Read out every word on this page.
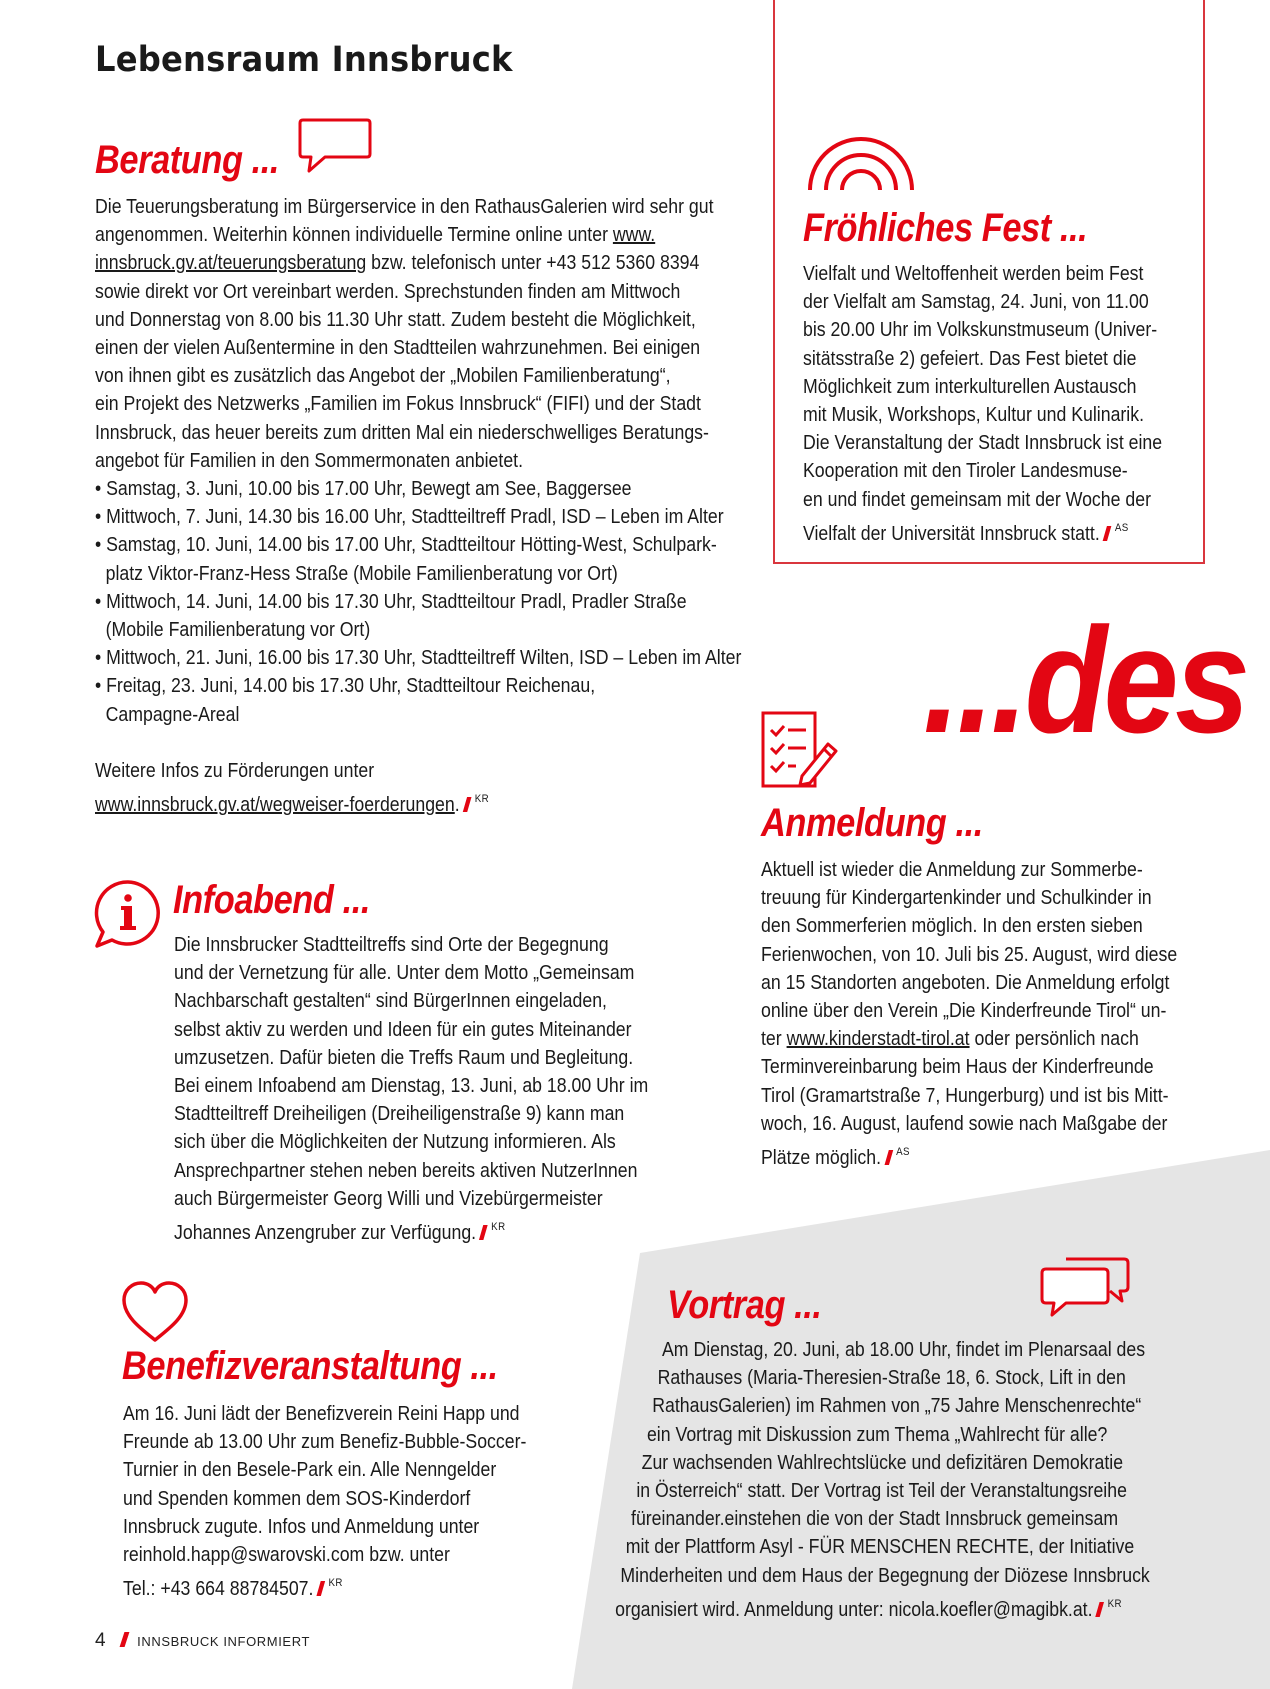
Lebensraum Innsbruck
Beratung ...

Die Teuerungsberatung im Bürgerservice in den RathausGalerien wird sehr gut

angenommen. Weiterhin können individuelle Termine online unter www.

innsbruck.gv.at/teuerungsberatung bzw. telefonisch unter +43 512 5360 8394

sowie direkt vor Ort vereinbart werden. Sprechstunden finden am Mittwoch

und Donnerstag von 8.00 bis 11.30 Uhr statt. Zudem besteht die Möglichkeit,

einen der vielen Außentermine in den Stadtteilen wahrzunehmen. Bei einigen

von ihnen gibt es zusätzlich das Angebot der „Mobilen Familienberatung“,

ein Projekt des Netzwerks „Familien im Fokus Innsbruck“ (FIFI) und der Stadt

Innsbruck, das heuer bereits zum dritten Mal ein niederschwelliges Beratungs-

angebot für Familien in den Sommermonaten anbietet.

• Samstag, 3. Juni, 10.00 bis 17.00 Uhr, Bewegt am See, Baggersee

• Mittwoch, 7. Juni, 14.30 bis 16.00 Uhr, Stadtteiltreff Pradl, ISD – Leben im Alter

• Samstag, 10. Juni, 14.00 bis 17.00 Uhr, Stadtteiltour Hötting-West, Schulpark-

platz Viktor-Franz-Hess Straße (Mobile Familienberatung vor Ort)

• Mittwoch, 14. Juni, 14.00 bis 17.30 Uhr, Stadtteiltour Pradl, Pradler Straße

(Mobile Familienberatung vor Ort)

• Mittwoch, 21. Juni, 16.00 bis 17.30 Uhr, Stadtteiltreff Wilten, ISD – Leben im Alter

• Freitag, 23. Juni, 14.00 bis 17.30 Uhr, Stadtteiltour Reichenau,

Campagne-Areal

Weitere Infos zu Förderungen unter

www.innsbruck.gv.at/wegweiser-foerderungen. $^{KR}$

Fröhliches Fest ...

Vielfalt und Weltoffenheit werden beim Fest

der Vielfalt am Samstag, 24. Juni, von 11.00

bis 20.00 Uhr im Volkskunstmuseum (Univer-

sitätsstraße 2) gefeiert. Das Fest bietet die

Möglichkeit zum interkulturellen Austausch

mit Musik, Workshops, Kultur und Kulinarik.

Die Veranstaltung der Stadt Innsbruck ist eine

Kooperation mit den Tiroler Landesmuse-

en und findet gemeinsam mit der Woche der

Vielfalt der Universität Innsbruck statt. $^{AS}$

...des
Anmeldung ...

Aktuell ist wieder die Anmeldung zur Sommerbe-

treuung für Kindergartenkinder und Schulkinder in

den Sommerferien möglich. In den ersten sieben

Ferienwochen, von 10. Juli bis 25. August, wird diese

an 15 Standorten angeboten. Die Anmeldung erfolgt

online über den Verein „Die Kinderfreunde Tirol“ un-

ter www.kinderstadt-tirol.at oder persönlich nach

Terminvereinbarung beim Haus der Kinderfreunde

Tirol (Gramartstraße 7, Hungerburg) und ist bis Mitt-

woch, 16. August, laufend sowie nach Maßgabe der

Plätze möglich. $^{AS}$

Infoabend ...

Die Innsbrucker Stadtteiltreffs sind Orte der Begegnung

und der Vernetzung für alle. Unter dem Motto „Gemeinsam

Nachbarschaft gestalten“ sind BürgerInnen eingeladen,

selbst aktiv zu werden und Ideen für ein gutes Miteinander

umzusetzen. Dafür bieten die Treffs Raum und Begleitung.

Bei einem Infoabend am Dienstag, 13. Juni, ab 18.00 Uhr im

Stadtteiltreff Dreiheiligen (Dreiheiligenstraße 9) kann man

sich über die Möglichkeiten der Nutzung informieren. Als

Ansprechpartner stehen neben bereits aktiven NutzerInnen

auch Bürgermeister Georg Willi und Vizebürgermeister

Johannes Anzengruber zur Verfügung. $^{KR}$

Benefizveranstaltung ...

Am 16. Juni lädt der Benefizverein Reini Happ und

Freunde ab 13.00 Uhr zum Benefiz-Bubble-Soccer-

Turnier in den Besele-Park ein. Alle Nenngelder

und Spenden kommen dem SOS-Kinderdorf

Innsbruck zugute. Infos und Anmeldung unter

reinhold.happ@swarovski.com bzw. unter

Tel.: +43 664 88784507. $^{KR}$

Vortrag ...

Am Dienstag, 20. Juni, ab 18.00 Uhr, findet im Plenarsaal des

Rathauses (Maria-Theresien-Straße 18, 6. Stock, Lift in den

RathausGalerien) im Rahmen von „75 Jahre Menschenrechte“

ein Vortrag mit Diskussion zum Thema „Wahlrecht für alle?

Zur wachsenden Wahlrechtslücke und defizitären Demokratie

in Österreich“ statt. Der Vortrag ist Teil der Veranstaltungsreihe

füreinander.einstehen die von der Stadt Innsbruck gemeinsam

mit der Plattform Asyl - FÜR MENSCHEN RECHTE, der Initiative

Minderheiten und dem Haus der Begegnung der Diözese Innsbruck

organisiert wird. Anmeldung unter: nicola.koefler@magibk.at. $^{KR}$

4 INNSBRUCK INFORMIERT
